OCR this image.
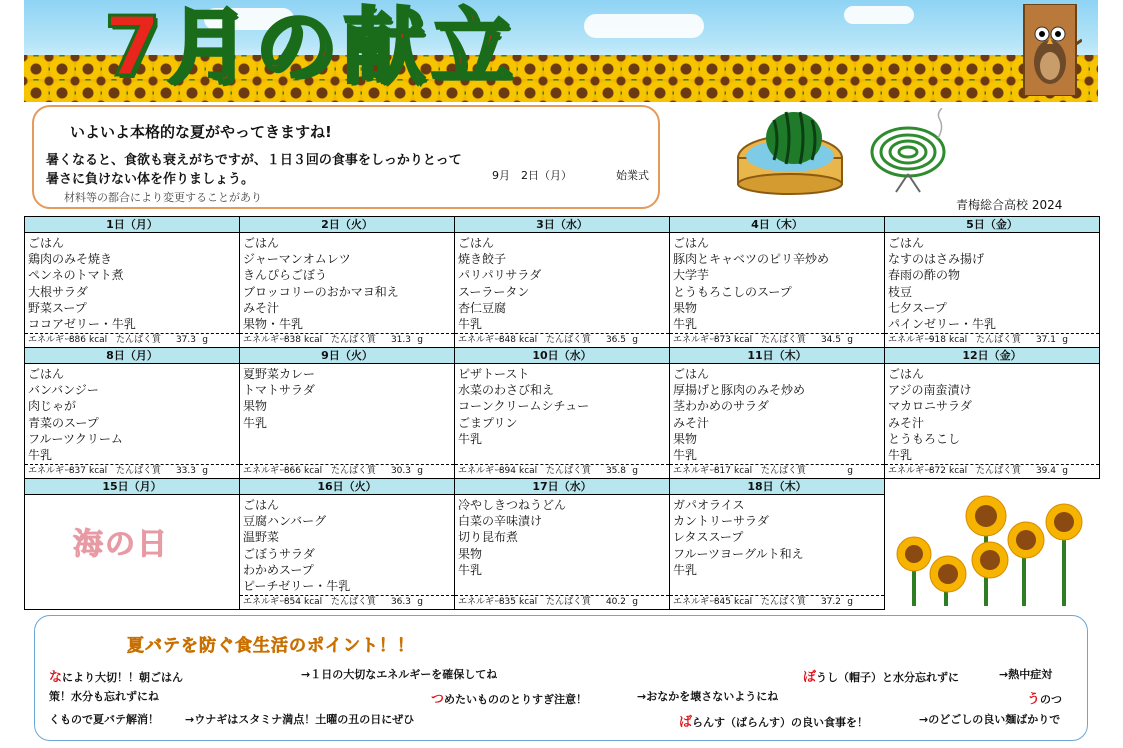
7月の献立
いよいよ本格的な夏がやってきますね!
暑くなると、食欲も衰えがちですが、１日３回の食事をしっかりとって
暑さに負けない体を作りましょう。	9月　2日（月）	始業式
材料等の都合により変更することがあり
青梅総合高校 2024
1日（月）
ごはん
鶏肉のみそ焼き
ペンネのトマト煮
大根サラダ
野菜スープ
ココアゼリー・牛乳
エネルギー886 kcal たんぱく質 37.3 g
2日（火）
ごはん
ジャーマンオムレツ
きんぴらごぼう
ブロッコリーのおかマヨ和え
みそ汁
果物・牛乳
エネルギー838 kcal たんぱく質 31.3 g
3日（水）
ごはん
焼き餃子
パリパリサラダ
スーラータン
杏仁豆腐
牛乳
エネルギー848 kcal たんぱく質 36.5 g
4日（木）
ごはん
豚肉とキャベツのピリ辛炒め
大学芋
とうもろこしのスープ
果物
牛乳
エネルギー873 kcal たんぱく質 34.5 g
5日（金）
ごはん
なすのはさみ揚げ
春雨の酢の物
枝豆
七夕スープ
パインゼリー・牛乳
エネルギー918 kcal たんぱく質 37.1 g
8日（月）
ごはん
バンバンジー
肉じゃが
青菜のスープ
フルーツクリーム
牛乳
エネルギー837 kcal たんぱく質 33.3 g
9日（火）
夏野菜カレー
トマトサラダ
果物
牛乳
エネルギー866 kcal たんぱく質 30.3 g
10日（水）
ピザトースト
水菜のわさび和え
コーンクリームシチュー
ごまプリン
牛乳
エネルギー894 kcal たんぱく質 35.8 g
11日（木）
ごはん
厚揚げと豚肉のみそ炒め
茎わかめのサラダ
みそ汁
果物
牛乳
エネルギー817 kcal たんぱく質	g
12日（金）
ごはん
アジの南蛮漬け
マカロニサラダ
みそ汁
とうもろこし
牛乳
エネルギー872 kcal たんぱく質 39.4 g
15日（月）
海の日
16日（火）
ごはん
豆腐ハンバーグ
温野菜
ごぼうサラダ
わかめスープ
ピーチゼリー・牛乳
エネルギー854 kcal たんぱく質 36.3 g
17日（水）
冷やしきつねうどん
白菜の辛味漬け
切り昆布煮
果物
牛乳
エネルギー835 kcal たんぱく質 40.2 g
18日（木）
ガパオライス
カントリーサラダ
レタススープ
フルーツヨーグルト和え
牛乳
エネルギー845 kcal たんぱく質 37.2 g
夏バテを防ぐ食生活のポイント！！
なにより大切！！朝ごはん	→１日の大切なエネルギーを確保してね	ぼうし（帽子）と水分忘れずに	→熱中症対
策！水分も忘れずにね	つめたいもののとりすぎ注意！	→おなかを壊さないようにね	うのつ
くもので夏バテ解消！ →ウナギはスタミナ満点！土曜の丑の日にぜひ	ばらんす（ばらんす）の良い食事を！	→のどごしの良い麺ばかりで
